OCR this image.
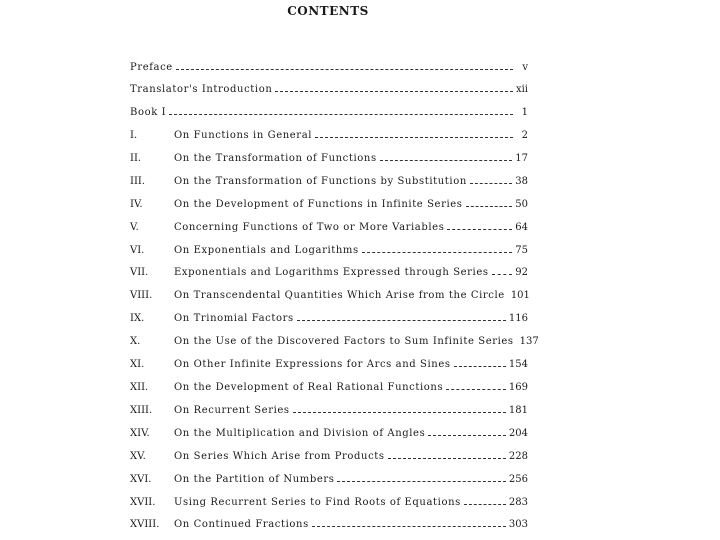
CONTENTS
Preface	v
Translator's Introduction	xii
Book I	1
I.	On Functions in General	2
II.	On the Transformation of Functions	17
III.	On the Transformation of Functions by Substitution	38
IV.	On the Development of Functions in Infinite Series	50
V.	Concerning Functions of Two or More Variables	64
VI.	On Exponentials and Logarithms	75
VII.	Exponentials and Logarithms Expressed through Series	92
VIII.	On Transcendental Quantities Which Arise from the Circle 101
IX.	On Trinomial Factors	116
X.	On the Use of the Discovered Factors to Sum Infinite Series 137
XI.	On Other Infinite Expressions for Arcs and Sines	154
XII.	On the Development of Real Rational Functions	169
XIII.	On Recurrent Series	181
XIV.	On the Multiplication and Division of Angles	204
XV.	On Series Which Arise from Products	228
XVI.	On the Partition of Numbers	256
XVII.	Using Recurrent Series to Find Roots of Equations	283
XVIII.	On Continued Fractions	303
